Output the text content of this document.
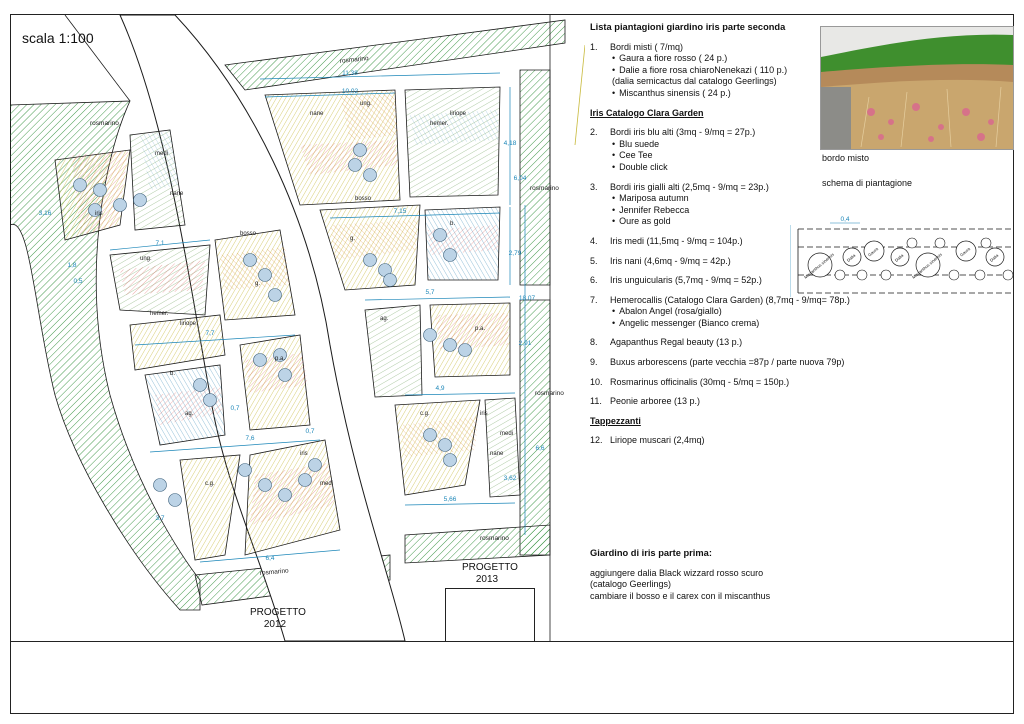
rosmarino
rosmarino
rosmarino
rosmarino
rosmarino
rosmarino
11,38
10,02
4,18
6,04
7,15
2,79
18,07
5,7
2,91
4,9
6,6
3,62
5,66
7,1
7,7
7,6
6,4
3,7
3,16
1,8
0,5
0,7
0,7
iris
medi
nane
ung.
hemer.
liriope
bosso
g.
b.
ag.
p.a.
c.g.
iris
medi
nane
ung.
hemer.
liriope
bosso
g.
b.
ag.
p.a.
c.g.	iris
medi
nane
scala 1:100
Lista piantagioni giardino iris parte seconda
1. Bordi misti ( 7/mq)
• Gaura a fiore rosso ( 24 p.)
• Dalie a fiore rosa chiaroNenekazi ( 110 p.)
(dalia semicactus dal catalogo Geerlings)
• Miscanthus sinensis ( 24 p.)
Iris Catalogo Clara Garden
2. Bordi iris blu alti (3mq - 9/mq = 27p.)
• Blu suede
• Cee Tee
• Double click
3. Bordi iris gialli alti (2,5mq - 9/mq = 23p.)
• Mariposa autumn
• Jennifer Rebecca
• Oure as gold
4. Iris medi (11,5mq - 9/mq = 104p.)
5. Iris nani (4,6mq - 9/mq = 42p.)
6. Iris unguicularis (5,7mq - 9/mq = 52p.)
7. Hemerocallis (Catalogo Clara Garden) (8,7mq - 9/mq= 78p.)
• Abalon Angel (rosa/giallo)
• Angelic messenger (Bianco crema)
8. Agapanthus Regal beauty (13 p.)
9. Buxus arborescens (parte vecchia =87p / parte nuova 79p)
10. Rosmarinus officinalis (30mq - 5/mq = 150p.)
11. Peonie arboree (13 p.)
Tappezzanti
12. Liriope muscari (2,4mq)
bordo misto
schema di piantagione
0,4
Miscanthus sinensis	Dalia
Gaura
Dalia Miscanthus sinensis
Gaura
Dalia
Giardino di iris parte prima:
aggiungere dalia Black wizzard rosso scuro
(catalogo Geerlings)
cambiare il bosso e il carex con il miscanthus
PROGETTO
2012
PROGETTO
2013
